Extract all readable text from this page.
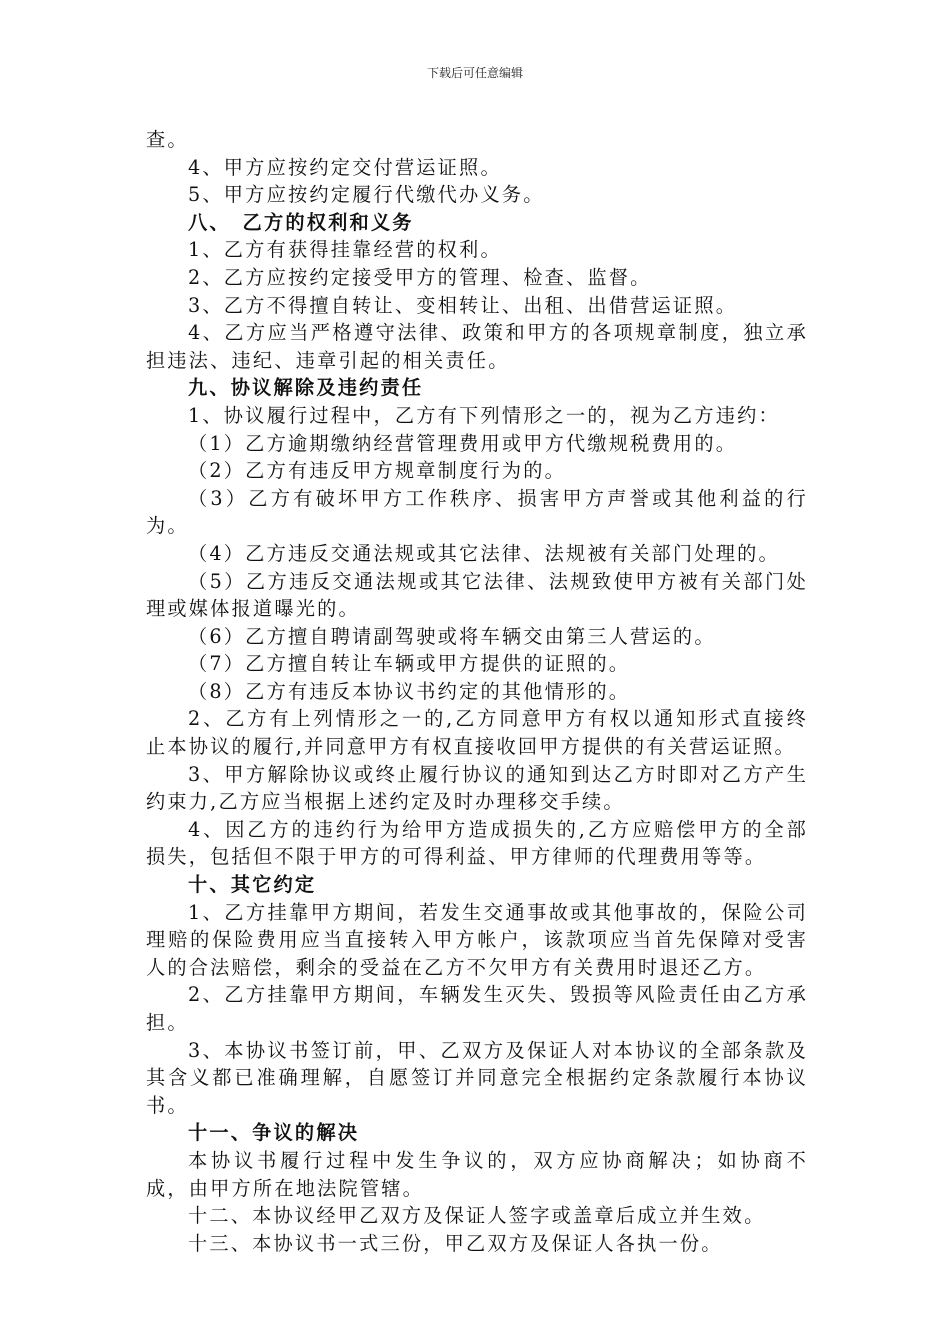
下载后可任意编辑

查。

4、甲方应按约定交付营运证照。

5、甲方应按约定履行代缴代办义务。

八、　乙方的权利和义务

1、乙方有获得挂靠经营的权利。

2、乙方应按约定接受甲方的管理、检查、监督。

3、乙方不得擅自转让、变相转让、出租、出借营运证照。

4、乙方应当严格遵守法律、政策和甲方的各项规章制度，独立承担违法、违纪、违章引起的相关责任。

九、协议解除及违约责任

1、协议履行过程中，乙方有下列情形之一的，视为乙方违约：

（1）乙方逾期缴纳经营管理费用或甲方代缴规税费用的。

（2）乙方有违反甲方规章制度行为的。

（3）乙方有破坏甲方工作秩序、损害甲方声誉或其他利益的行为。

（4）乙方违反交通法规或其它法律、法规被有关部门处理的。

（5）乙方违反交通法规或其它法律、法规致使甲方被有关部门处理或媒体报道曝光的。

（6）乙方擅自聘请副驾驶或将车辆交由第三人营运的。

（7）乙方擅自转让车辆或甲方提供的证照的。

（8）乙方有违反本协议书约定的其他情形的。

2、乙方有上列情形之一的,乙方同意甲方有权以通知形式直接终止本协议的履行,并同意甲方有权直接收回甲方提供的有关营运证照。

3、甲方解除协议或终止履行协议的通知到达乙方时即对乙方产生约束力,乙方应当根据上述约定及时办理移交手续。

4、因乙方的违约行为给甲方造成损失的,乙方应赔偿甲方的全部损失，包括但不限于甲方的可得利益、甲方律师的代理费用等等。

十、其它约定

1、乙方挂靠甲方期间，若发生交通事故或其他事故的，保险公司理赔的保险费用应当直接转入甲方帐户，该款项应当首先保障对受害人的合法赔偿，剩余的受益在乙方不欠甲方有关费用时退还乙方。

2、乙方挂靠甲方期间，车辆发生灭失、毁损等风险责任由乙方承担。

3、本协议书签订前，甲、乙双方及保证人对本协议的全部条款及其含义都已准确理解，自愿签订并同意完全根据约定条款履行本协议书。

十一、争议的解决

本协议书履行过程中发生争议的，双方应协商解决；如协商不成，由甲方所在地法院管辖。

十二、本协议经甲乙双方及保证人签字或盖章后成立并生效。

十三、本协议书一式三份，甲乙双方及保证人各执一份。
